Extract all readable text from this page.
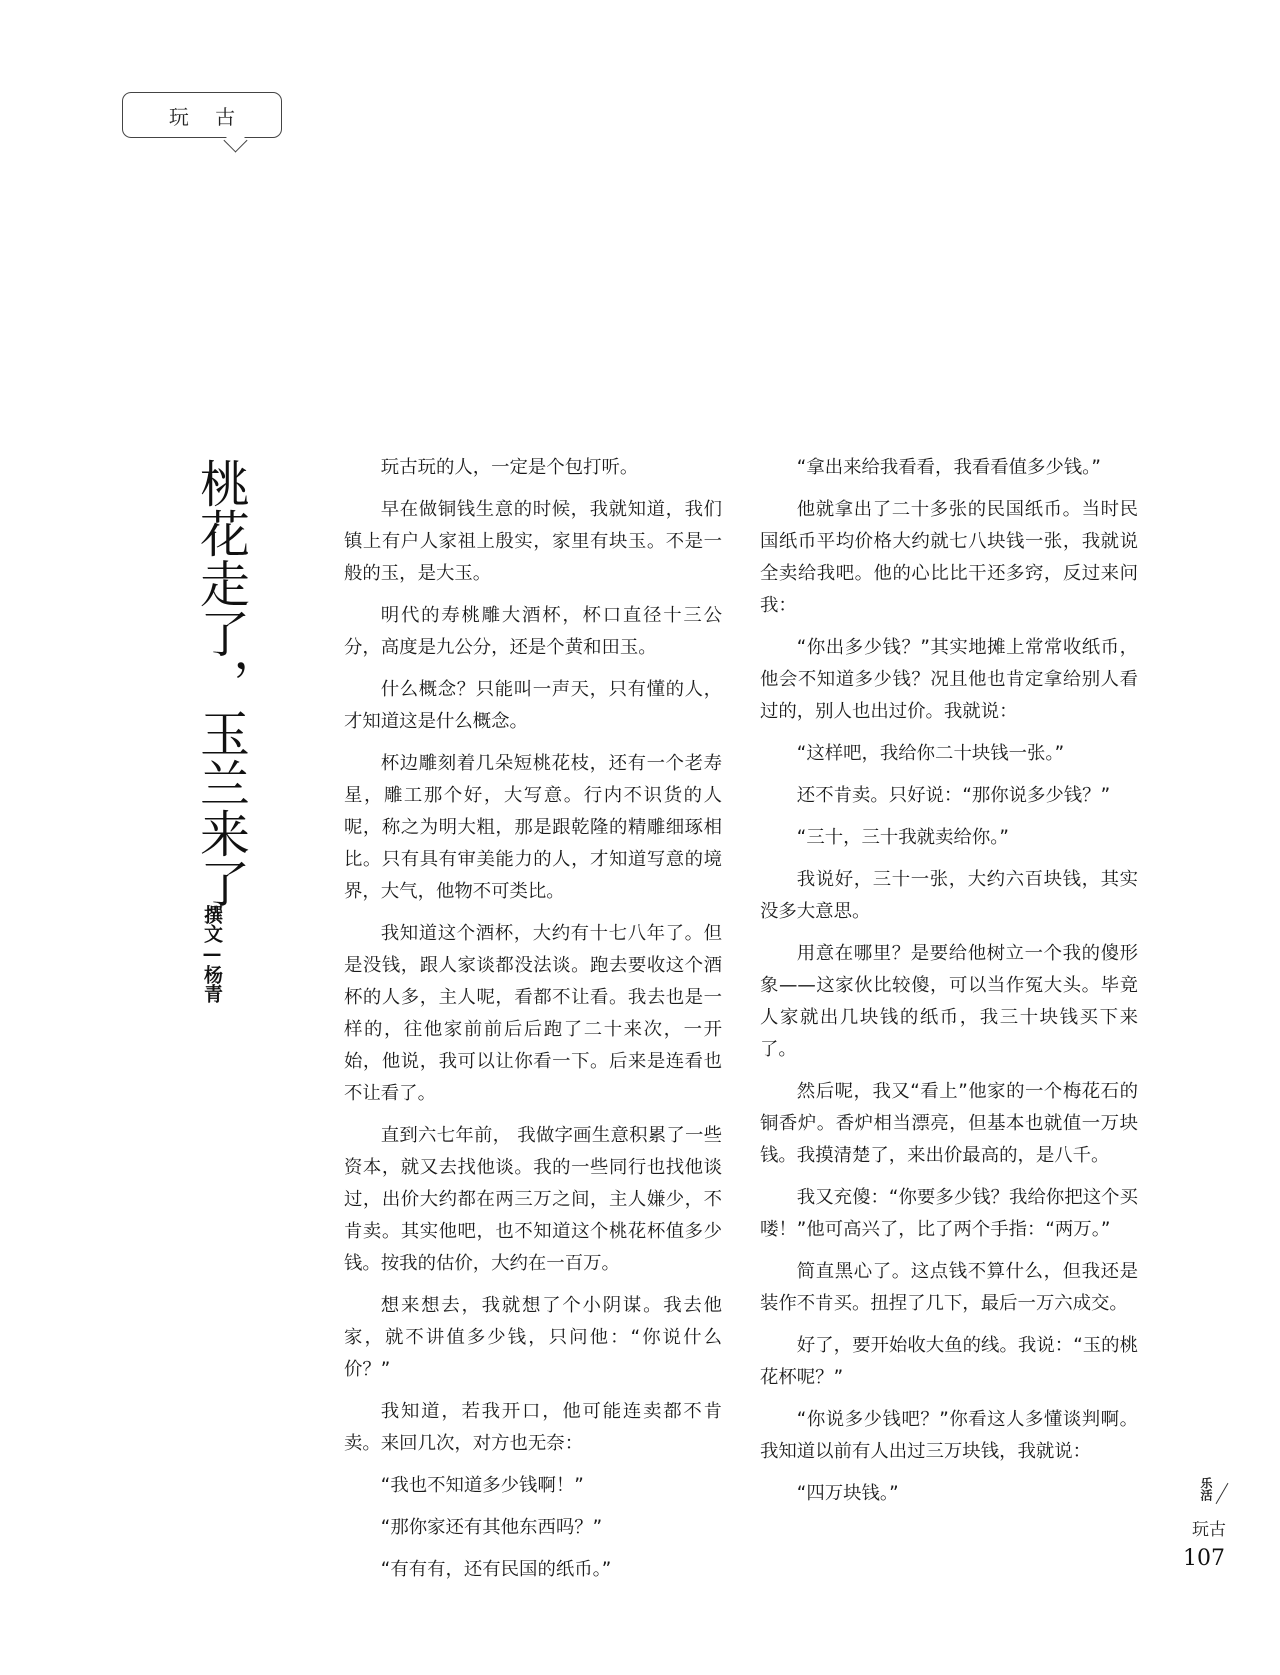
玩 古
桃花走了，玉兰来了
撰文—杨青

玩古玩的人，一定是个包打听。

早在做铜钱生意的时候，我就知道，我们镇上有户人家祖上殷实，家里有块玉。不是一般的玉，是大玉。

明代的寿桃雕大酒杯，杯口直径十三公分，高度是九公分，还是个黄和田玉。

什么概念？只能叫一声天，只有懂的人，才知道这是什么概念。

杯边雕刻着几朵短桃花枝，还有一个老寿星，雕工那个好，大写意。行内不识货的人呢，称之为明大粗，那是跟乾隆的精雕细琢相比。只有具有审美能力的人，才知道写意的境界，大气，他物不可类比。

我知道这个酒杯，大约有十七八年了。但是没钱，跟人家谈都没法谈。跑去要收这个酒杯的人多，主人呢，看都不让看。我去也是一样的，往他家前前后后跑了二十来次，一开始，他说，我可以让你看一下。后来是连看也不让看了。

直到六七年前， 我做字画生意积累了一些资本，就又去找他谈。我的一些同行也找他谈过，出价大约都在两三万之间，主人嫌少，不肯卖。其实他吧，也不知道这个桃花杯值多少钱。按我的估价，大约在一百万。

想来想去，我就想了个小阴谋。我去他家，就不讲值多少钱，只问他：“你说什么价？”

我知道，若我开口，他可能连卖都不肯卖。来回几次，对方也无奈：

“我也不知道多少钱啊！”

“那你家还有其他东西吗？”

“有有有，还有民国的纸币。”

“拿出来给我看看，我看看值多少钱。”

他就拿出了二十多张的民国纸币。当时民国纸币平均价格大约就七八块钱一张，我就说全卖给我吧。他的心比比干还多窍，反过来问我：

“你出多少钱？”其实地摊上常常收纸币，他会不知道多少钱？况且他也肯定拿给别人看过的，别人也出过价。我就说：

“这样吧，我给你二十块钱一张。”

还不肯卖。只好说：“那你说多少钱？”

“三十，三十我就卖给你。”

我说好，三十一张，大约六百块钱，其实没多大意思。

用意在哪里？是要给他树立一个我的傻形象——这家伙比较傻，可以当作冤大头。毕竟人家就出几块钱的纸币，我三十块钱买下来了。

然后呢，我又“看上”他家的一个梅花石的铜香炉。香炉相当漂亮，但基本也就值一万块钱。我摸清楚了，来出价最高的，是八千。

我又充傻：“你要多少钱？我给你把这个买喽！”他可高兴了，比了两个手指：“两万。”

简直黑心了。这点钱不算什么，但我还是装作不肯买。扭捏了几下，最后一万六成交。

好了，要开始收大鱼的线。我说：“玉的桃花杯呢？”

“你说多少钱吧？”你看这人多懂谈判啊。我知道以前有人出过三万块钱，我就说：

“四万块钱。”	乐活
玩古
107
